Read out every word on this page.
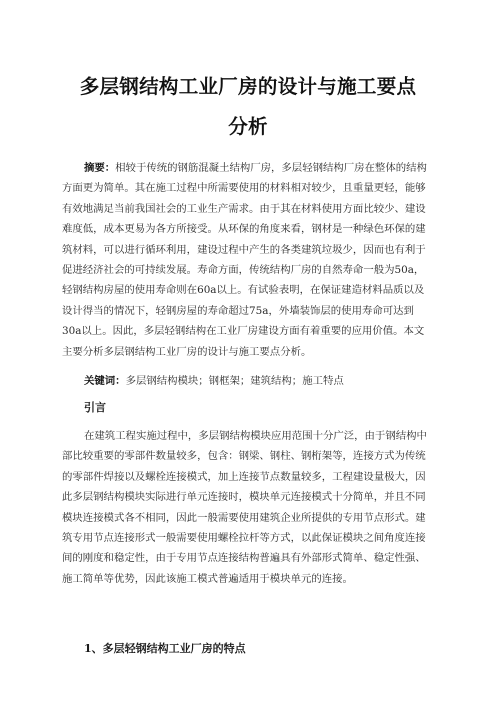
多层钢结构工业厂房的设计与施工要点
分析
摘要：相较于传统的钢筋混凝土结构厂房，多层轻钢结构厂房在整体的结构
方面更为简单。其在施工过程中所需要使用的材料相对较少，且重量更轻，能够
有效地满足当前我国社会的工业生产需求。由于其在材料使用方面比较少、建设
难度低，成本更易为各方所接受。从环保的角度来看，钢材是一种绿色环保的建
筑材料，可以进行循环利用，建设过程中产生的各类建筑垃圾少，因而也有利于
促进经济社会的可持续发展。寿命方面，传统结构厂房的自然寿命一般为50a，
轻钢结构房屋的使用寿命则在60a以上。有试验表明，在保证建造材料品质以及
设计得当的情况下，轻钢房屋的寿命超过75a，外墙装饰层的使用寿命可达到
30a以上。因此，多层轻钢结构在工业厂房建设方面有着重要的应用价值。本文
主要分析多层钢结构工业厂房的设计与施工要点分析。
关键词：多层钢结构模块；钢框架；建筑结构；施工特点
引言
在建筑工程实施过程中，多层钢结构模块应用范围十分广泛，由于钢结构中
部比较重要的零部件数量较多，包含：钢梁、钢柱、钢桁架等，连接方式为传统
的零部件焊接以及螺栓连接模式，加上连接节点数量较多，工程建设量极大，因
此多层钢结构模块实际进行单元连接时，模块单元连接模式十分简单，并且不同
模块连接模式各不相同，因此一般需要使用建筑企业所提供的专用节点形式。建
筑专用节点连接形式一般需要使用螺栓拉杆等方式，以此保证模块之间角度连接
间的刚度和稳定性，由于专用节点连接结构普遍具有外部形式简单、稳定性强、
施工简单等优势，因此该施工模式普遍适用于模块单元的连接。
1、多层轻钢结构工业厂房的特点
